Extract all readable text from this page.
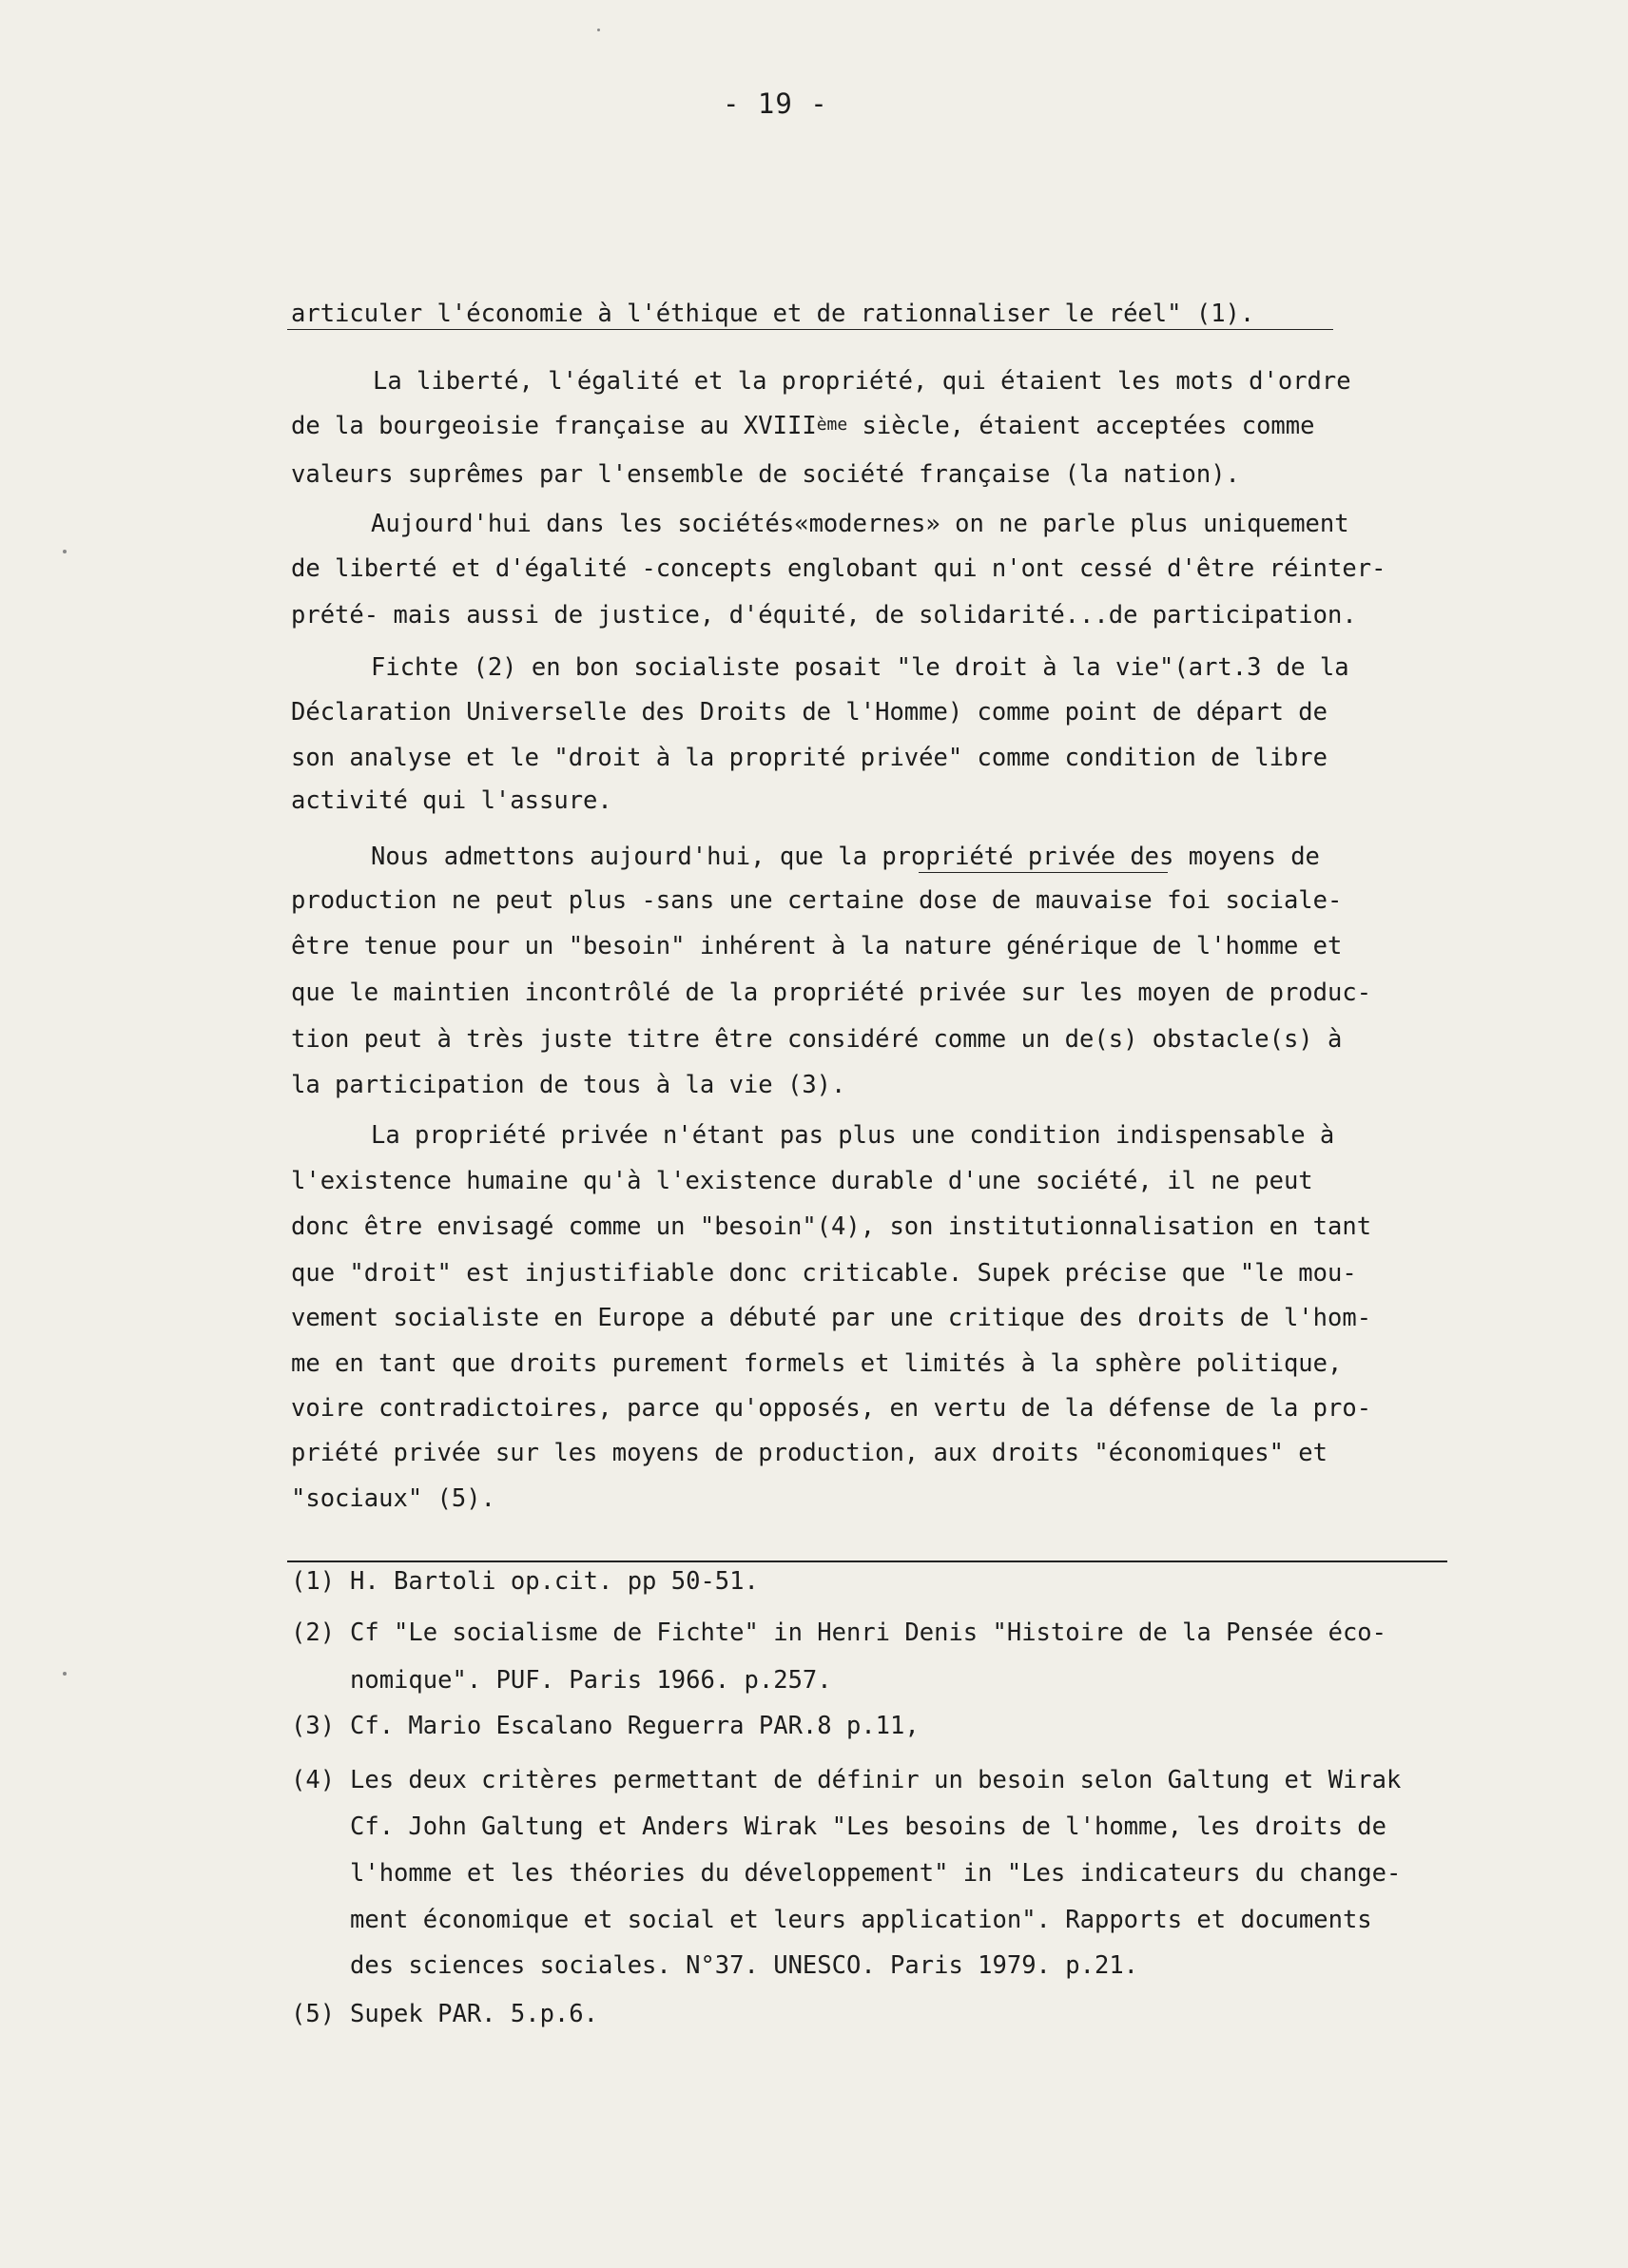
- 19 -
articuler l'économie à l'éthique et de rationnaliser le réel" (1).
La liberté, l'égalité et la propriété, qui étaient les mots d'ordre
de la bourgeoisie française au XVIIIème siècle, étaient acceptées comme
valeurs suprêmes par l'ensemble de société française (la nation).
Aujourd'hui dans les sociétés«modernes» on ne parle plus uniquement
de liberté et d'égalité -concepts englobant qui n'ont cessé d'être réinter-
prété- mais aussi de justice, d'équité, de solidarité...de participation.
Fichte (2) en bon socialiste posait "le droit à la vie"(art.3 de la
Déclaration Universelle des Droits de l'Homme) comme point de départ de
son analyse et le "droit à la proprité privée" comme condition de libre
activité qui l'assure.
Nous admettons aujourd'hui, que la propriété privée des moyens de
production ne peut plus -sans une certaine dose de mauvaise foi sociale-
être tenue pour un "besoin" inhérent à la nature générique de l'homme et
que le maintien incontrôlé de la propriété privée sur les moyen de produc-
tion peut à très juste titre être considéré comme un de(s) obstacle(s) à
la participation de tous à la vie (3).
La propriété privée n'étant pas plus une condition indispensable à
l'existence humaine qu'à l'existence durable d'une société, il ne peut
donc être envisagé comme un "besoin"(4), son institutionnalisation en tant
que "droit" est injustifiable donc criticable. Supek précise que "le mou-
vement socialiste en Europe a débuté par une critique des droits de l'hom-
me en tant que droits purement formels et limités à la sphère politique,
voire contradictoires, parce qu'opposés, en vertu de la défense de la pro-
priété privée sur les moyens de production, aux droits "économiques" et
"sociaux" (5).
(1) H. Bartoli op.cit. pp 50-51.
(2) Cf "Le socialisme de Fichte" in Henri Denis "Histoire de la Pensée éco-
nomique". PUF. Paris 1966. p.257.
(3) Cf. Mario Escalano Reguerra PAR.8 p.11,
(4) Les deux critères permettant de définir un besoin selon Galtung et Wirak
Cf. John Galtung et Anders Wirak "Les besoins de l'homme, les droits de
l'homme et les théories du développement" in "Les indicateurs du change-
ment économique et social et leurs application". Rapports et documents
des sciences sociales. N°37. UNESCO. Paris 1979. p.21.
(5) Supek PAR. 5.p.6.
